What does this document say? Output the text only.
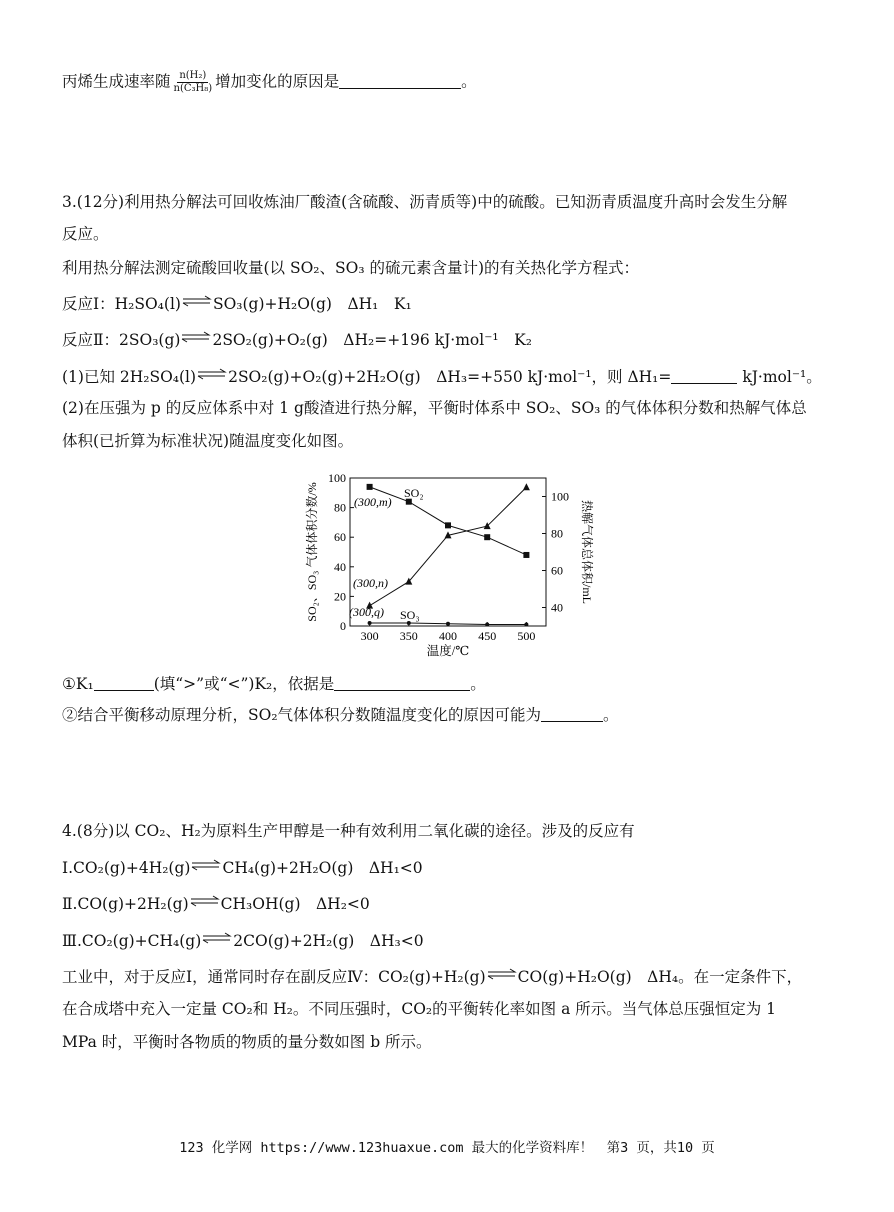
丙烯生成速率随 $\frac{\text{n(H₂)}}{\text{n(C₃H₈)}}$ 增加变化的原因是	。
3.(12分)利用热分解法可回收炼油厂酸渣(含硫酸、沥青质等)中的硫酸。已知沥青质温度升高时会发生分解
反应。
利用热分解法测定硫酸回收量(以 SO₂、SO₃ 的硫元素含量计)的有关热化学方程式：
反应Ⅰ：H₂SO₄(l)⇌SO₃(g)+H₂O(g)　ΔH₁　K₁
反应Ⅱ：2SO₃(g)⇌2SO₂(g)+O₂(g)　ΔH₂=+196 kJ·mol⁻¹　K₂
(1)已知 2H₂SO₄(l)⇌2SO₂(g)+O₂(g)+2H₂O(g)　ΔH₃=+550 kJ·mol⁻¹，则 ΔH₁=	kJ·mol⁻¹。
(2)在压强为 p 的反应体系中对 1 g酸渣进行热分解，平衡时体系中 SO₂、SO₃ 的气体体积分数和热解气体总
体积(已折算为标准状况)随温度变化如图。
300 350 400 450 500
0
20
40
60
80
100
40
60
80
100
温度/℃
SO₂、SO₃ 气体体积分数/%	热解气体总体积/mL
SO₂
SO₃
(300,m)
(300,n)
(300,q)
①K₁	(填“>”或“<”)K₂，依据是	。
②结合平衡移动原理分析，SO₂气体体积分数随温度变化的原因可能为	。
4.(8分)以 CO₂、H₂为原料生产甲醇是一种有效利用二氧化碳的途径。涉及的反应有
Ⅰ.CO₂(g)+4H₂(g)⇌CH₄(g)+2H₂O(g)　ΔH₁<0
Ⅱ.CO(g)+2H₂(g)⇌CH₃OH(g)　ΔH₂<0
Ⅲ.CO₂(g)+CH₄(g)⇌2CO(g)+2H₂(g)　ΔH₃<0
工业中，对于反应Ⅰ，通常同时存在副反应Ⅳ：CO₂(g)+H₂(g)⇌CO(g)+H₂O(g)　ΔH₄。在一定条件下，
在合成塔中充入一定量 CO₂和 H₂。不同压强时，CO₂的平衡转化率如图 a 所示。当气体总压强恒定为 1
MPa 时，平衡时各物质的物质的量分数如图 b 所示。
123 化学网 https://www.123huaxue.com 最大的化学资料库！　第3 页，共10 页
